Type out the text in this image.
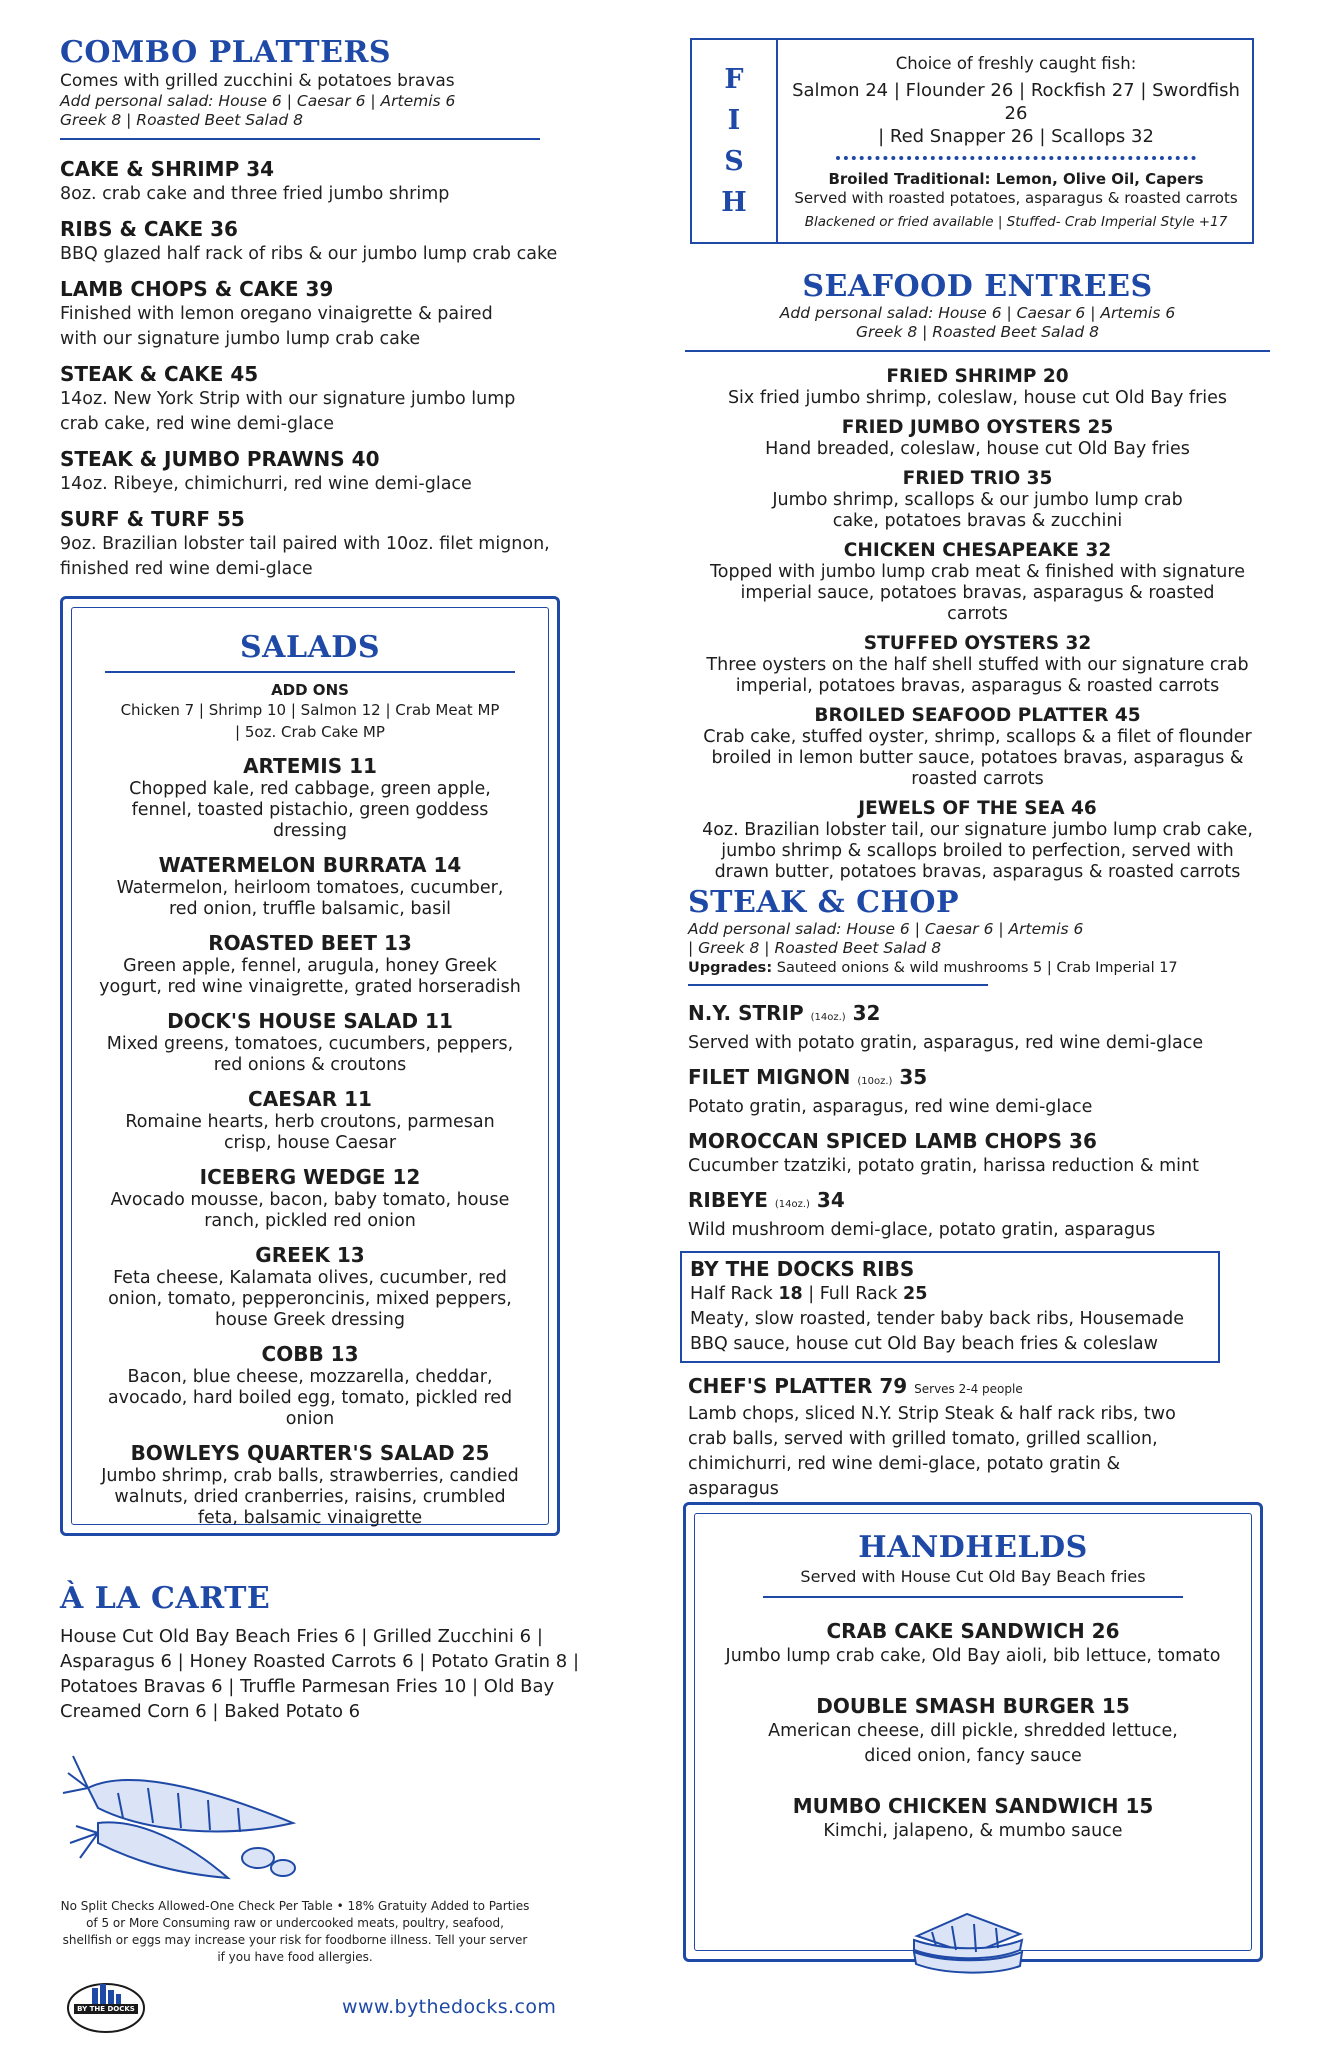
COMBO PLATTERS
Comes with grilled zucchini & potatoes bravas
Add personal salad: House 6 | Caesar 6 | Artemis 6
Greek 8 | Roasted Beet Salad 8
CAKE & SHRIMP 34
8oz. crab cake and three fried jumbo shrimp
RIBS & CAKE 36
BBQ glazed half rack of ribs & our jumbo lump crab cake
LAMB CHOPS & CAKE 39
Finished with lemon oregano vinaigrette & paired with our signature jumbo lump crab cake
STEAK & CAKE 45
14oz. New York Strip with our signature jumbo lump crab cake, red wine demi-glace
STEAK & JUMBO PRAWNS 40
14oz. Ribeye, chimichurri, red wine demi-glace
SURF & TURF 55
9oz. Brazilian lobster tail paired with 10oz. filet mignon, finished red wine demi-glace
SALADS
ADD ONS
Chicken 7 | Shrimp 10 | Salmon 12 | Crab Meat MP
| 5oz. Crab Cake MP
ARTEMIS 11
Chopped kale, red cabbage, green apple, fennel, toasted pistachio, green goddess dressing
WATERMELON BURRATA 14
Watermelon, heirloom tomatoes, cucumber, red onion, truffle balsamic, basil
ROASTED BEET 13
Green apple, fennel, arugula, honey Greek yogurt, red wine vinaigrette, grated horseradish
DOCK'S HOUSE SALAD 11
Mixed greens, tomatoes, cucumbers, peppers, red onions & croutons
CAESAR 11
Romaine hearts, herb croutons, parmesan crisp, house Caesar
ICEBERG WEDGE 12
Avocado mousse, bacon, baby tomato, house ranch, pickled red onion
GREEK 13
Feta cheese, Kalamata olives, cucumber, red onion, tomato, pepperoncinis, mixed peppers, house Greek dressing
COBB 13
Bacon, blue cheese, mozzarella, cheddar, avocado, hard boiled egg, tomato, pickled red onion
BOWLEYS QUARTER'S SALAD 25
Jumbo shrimp, crab balls, strawberries, candied walnuts, dried cranberries, raisins, crumbled feta, balsamic vinaigrette
À LA CARTE
House Cut Old Bay Beach Fries 6 | Grilled Zucchini 6 | Asparagus 6 | Honey Roasted Carrots 6 | Potato Gratin 8 | Potatoes Bravas 6 | Truffle Parmesan Fries 10 | Old Bay Creamed Corn 6 | Baked Potato 6
No Split Checks Allowed-One Check Per Table • 18% Gratuity Added to Parties of 5 or More Consuming raw or undercooked meats, poultry, seafood, shellfish or eggs may increase your risk for foodborne illness. Tell your server if you have food allergies.
BY THE DOCKS	www.bythedocks.com
F
I
S
H
Choice of freshly caught fish:
Salmon 24 | Flounder 26 | Rockfish 27 | Swordfish 26
| Red Snapper 26 | Scallops 32
Broiled Traditional: Lemon, Olive Oil, Capers
Served with roasted potatoes, asparagus & roasted carrots
Blackened or fried available | Stuffed- Crab Imperial Style +17
SEAFOOD ENTREES
Add personal salad: House 6 | Caesar 6 | Artemis 6
Greek 8 | Roasted Beet Salad 8
FRIED SHRIMP 20
Six fried jumbo shrimp, coleslaw, house cut Old Bay fries
FRIED JUMBO OYSTERS 25
Hand breaded, coleslaw, house cut Old Bay fries
FRIED TRIO 35
Jumbo shrimp, scallops & our jumbo lump crab cake, potatoes bravas & zucchini
CHICKEN CHESAPEAKE 32
Topped with jumbo lump crab meat & finished with signature imperial sauce, potatoes bravas, asparagus & roasted carrots
STUFFED OYSTERS 32
Three oysters on the half shell stuffed with our signature crab imperial, potatoes bravas, asparagus & roasted carrots
BROILED SEAFOOD PLATTER 45
Crab cake, stuffed oyster, shrimp, scallops & a filet of flounder broiled in lemon butter sauce, potatoes bravas, asparagus & roasted carrots
JEWELS OF THE SEA 46
4oz. Brazilian lobster tail, our signature jumbo lump crab cake, jumbo shrimp & scallops broiled to perfection, served with drawn butter, potatoes bravas, asparagus & roasted carrots
STEAK & CHOP
Add personal salad: House 6 | Caesar 6 | Artemis 6
| Greek 8 | Roasted Beet Salad 8
Upgrades: Sauteed onions & wild mushrooms 5 | Crab Imperial 17
N.Y. STRIP (14oz.) 32
Served with potato gratin, asparagus, red wine demi-glace
FILET MIGNON (10oz.) 35
Potato gratin, asparagus, red wine demi-glace
MOROCCAN SPICED LAMB CHOPS 36
Cucumber tzatziki, potato gratin, harissa reduction & mint
RIBEYE (14oz.) 34
Wild mushroom demi-glace, potato gratin, asparagus
BY THE DOCKS RIBS
Half Rack 18 | Full Rack 25
Meaty, slow roasted, tender baby back ribs, Housemade BBQ sauce, house cut Old Bay beach fries & coleslaw
CHEF'S PLATTER 79 Serves 2-4 people
Lamb chops, sliced N.Y. Strip Steak & half rack ribs, two crab balls, served with grilled tomato, grilled scallion, chimichurri, red wine demi-glace, potato gratin & asparagus
HANDHELDS
Served with House Cut Old Bay Beach fries
CRAB CAKE SANDWICH 26
Jumbo lump crab cake, Old Bay aioli, bib lettuce, tomato
DOUBLE SMASH BURGER 15
American cheese, dill pickle, shredded lettuce, diced onion, fancy sauce
MUMBO CHICKEN SANDWICH 15
Kimchi, jalapeno, & mumbo sauce
